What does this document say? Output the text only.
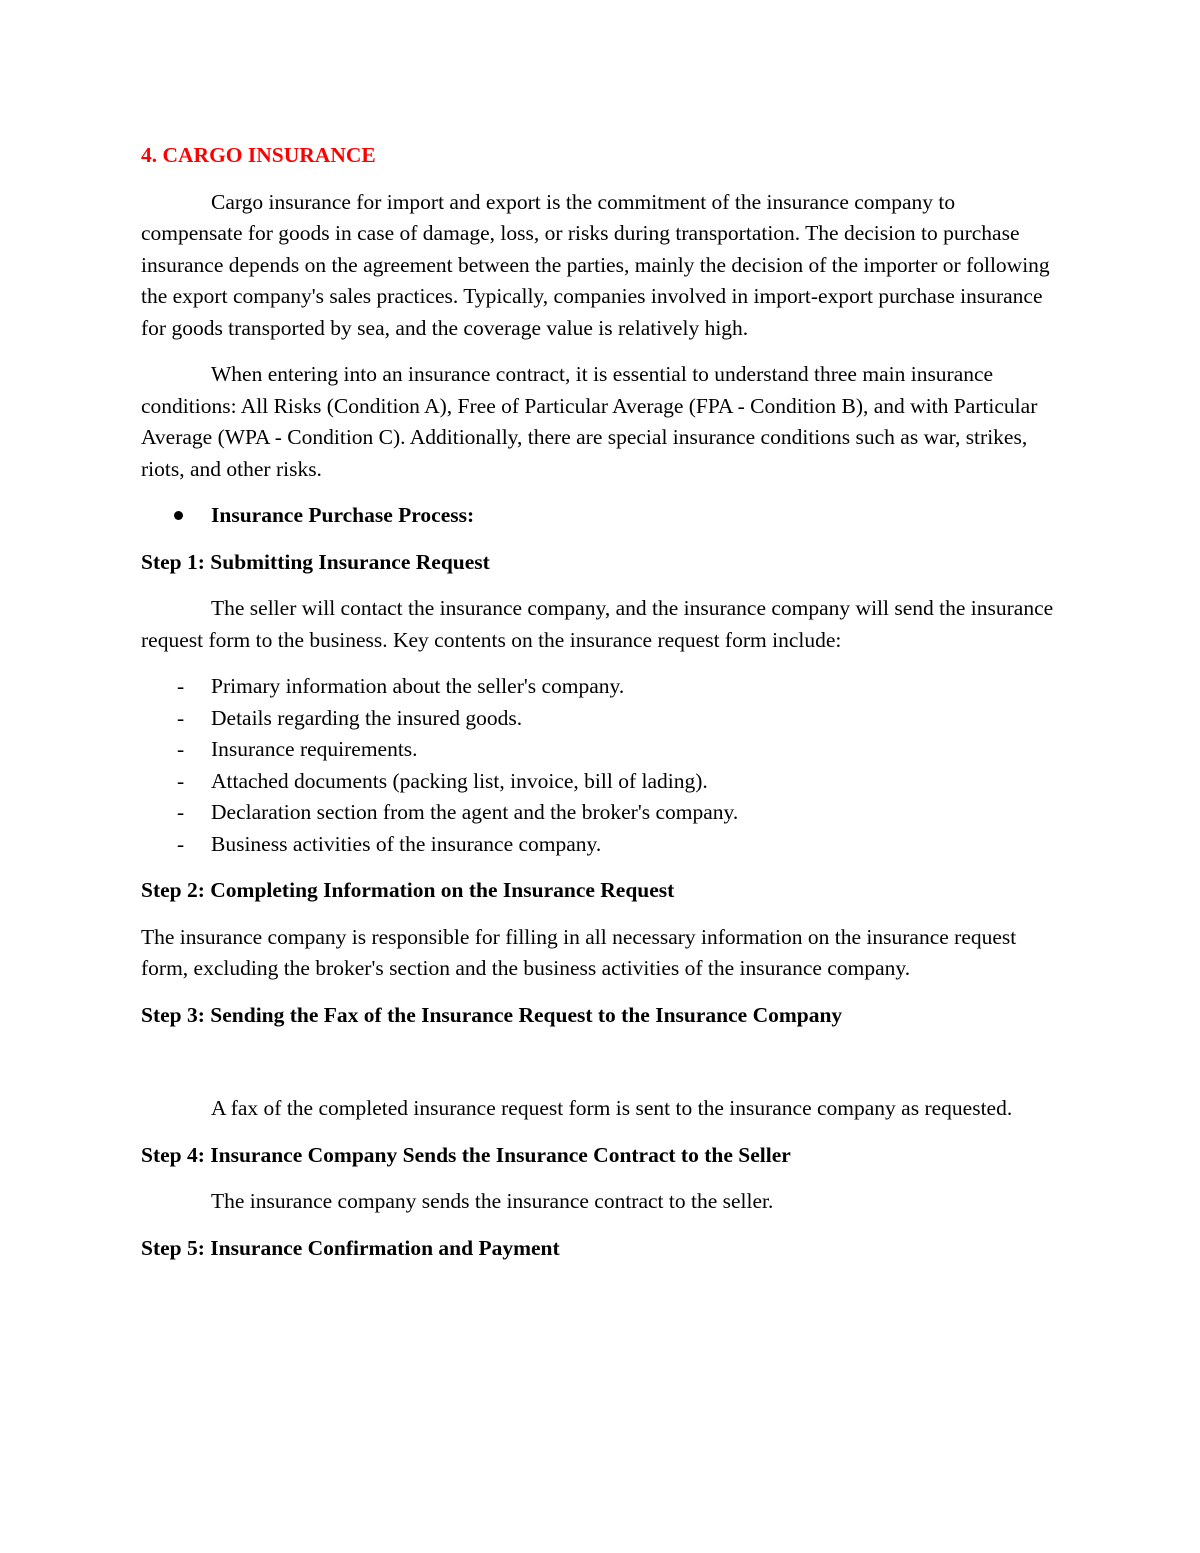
4. CARGO INSURANCE

Cargo insurance for import and export is the commitment of the insurance company to compensate for goods in case of damage, loss, or risks during transportation. The decision to purchase insurance depends on the agreement between the parties, mainly the decision of the importer or following the export company's sales practices. Typically, companies involved in import-export purchase insurance for goods transported by sea, and the coverage value is relatively high.

When entering into an insurance contract, it is essential to understand three main insurance conditions: All Risks (Condition A), Free of Particular Average (FPA - Condition B), and with Particular Average (WPA - Condition C). Additionally, there are special insurance conditions such as war, strikes, riots, and other risks.

Insurance Purchase Process:

Step 1: Submitting Insurance Request

The seller will contact the insurance company, and the insurance company will send the insurance request form to the business. Key contents on the insurance request form include:

- Primary information about the seller's company.
- Details regarding the insured goods.
- Insurance requirements.
- Attached documents (packing list, invoice, bill of lading).
- Declaration section from the agent and the broker's company.
- Business activities of the insurance company.

Step 2: Completing Information on the Insurance Request

The insurance company is responsible for filling in all necessary information on the insurance request form, excluding the broker's section and the business activities of the insurance company.

Step 3: Sending the Fax of the Insurance Request to the Insurance Company

A fax of the completed insurance request form is sent to the insurance company as requested.

Step 4: Insurance Company Sends the Insurance Contract to the Seller

The insurance company sends the insurance contract to the seller.

Step 5: Insurance Confirmation and Payment
